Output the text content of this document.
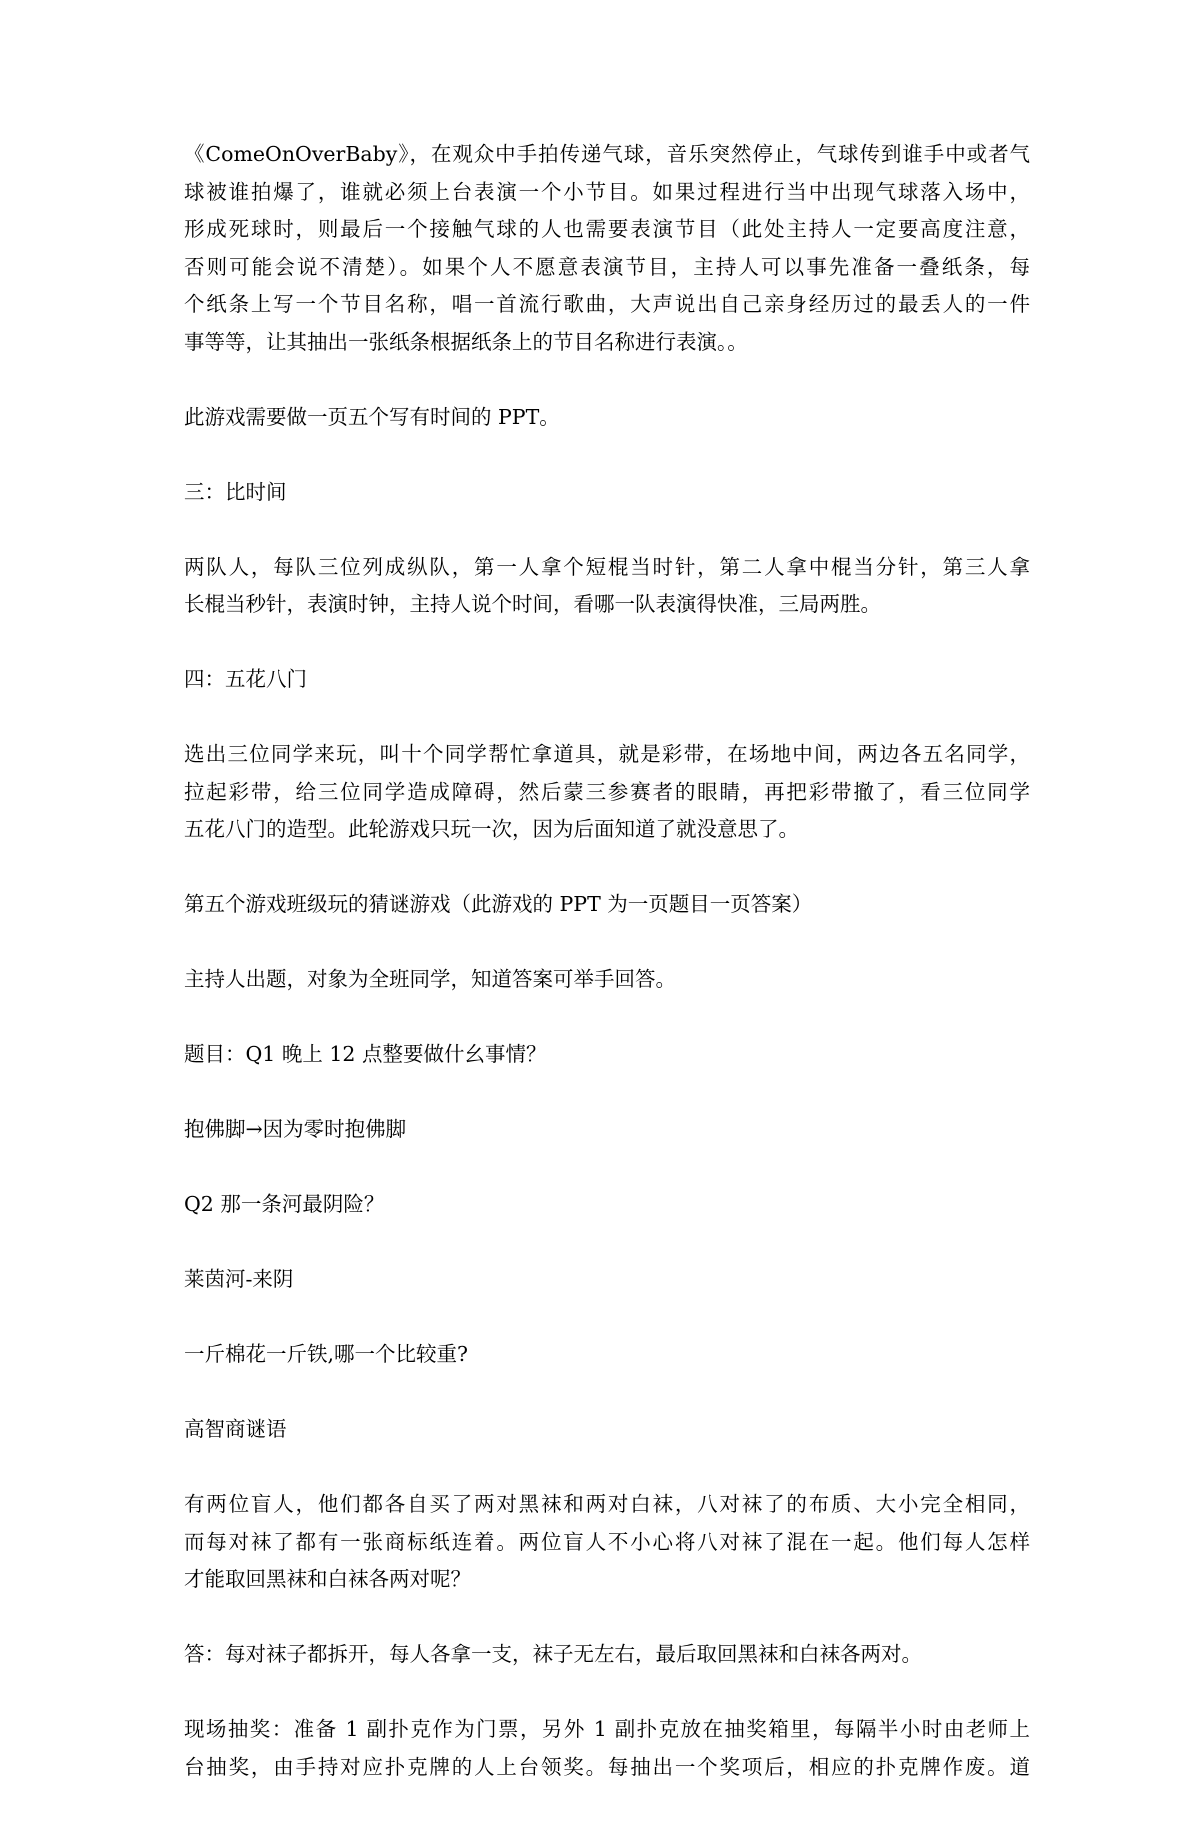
《ComeOnOverBaby》，在观众中手拍传递气球，音乐突然停止，气球传到谁手中或者气
球被谁拍爆了，谁就必须上台表演一个小节目。如果过程进行当中出现气球落入场中，
形成死球时，则最后一个接触气球的人也需要表演节目（此处主持人一定要高度注意，
否则可能会说不清楚）。如果个人不愿意表演节目，主持人可以事先准备一叠纸条，每
个纸条上写一个节目名称，唱一首流行歌曲，大声说出自己亲身经历过的最丢人的一件
事等等，让其抽出一张纸条根据纸条上的节目名称进行表演。。
此游戏需要做一页五个写有时间的 PPT。
三：比时间
两队人，每队三位列成纵队，第一人拿个短棍当时针，第二人拿中棍当分针，第三人拿
长棍当秒针，表演时钟，主持人说个时间，看哪一队表演得快准，三局两胜。
四：五花八门
选出三位同学来玩，叫十个同学帮忙拿道具，就是彩带，在场地中间，两边各五名同学，
拉起彩带，给三位同学造成障碍，然后蒙三参赛者的眼睛，再把彩带撤了，看三位同学
五花八门的造型。此轮游戏只玩一次，因为后面知道了就没意思了。
第五个游戏班级玩的猜谜游戏（此游戏的 PPT 为一页题目一页答案）
主持人出题，对象为全班同学，知道答案可举手回答。
题目：Q1 晚上 12 点整要做什幺事情？
抱佛脚→因为零时抱佛脚
Q2 那一条河最阴险？
莱茵河-来阴
一斤棉花一斤铁,哪一个比较重?
高智商谜语
有两位盲人，他们都各自买了两对黑袜和两对白袜，八对袜了的布质、大小完全相同，
而每对袜了都有一张商标纸连着。两位盲人不小心将八对袜了混在一起。他们每人怎样
才能取回黑袜和白袜各两对呢？
答：每对袜子都拆开，每人各拿一支，袜子无左右，最后取回黑袜和白袜各两对。
现场抽奖：准备 1 副扑克作为门票，另外 1 副扑克放在抽奖箱里，每隔半小时由老师上
台抽奖，由手持对应扑克牌的人上台领奖。每抽出一个奖项后，相应的扑克牌作废。道
